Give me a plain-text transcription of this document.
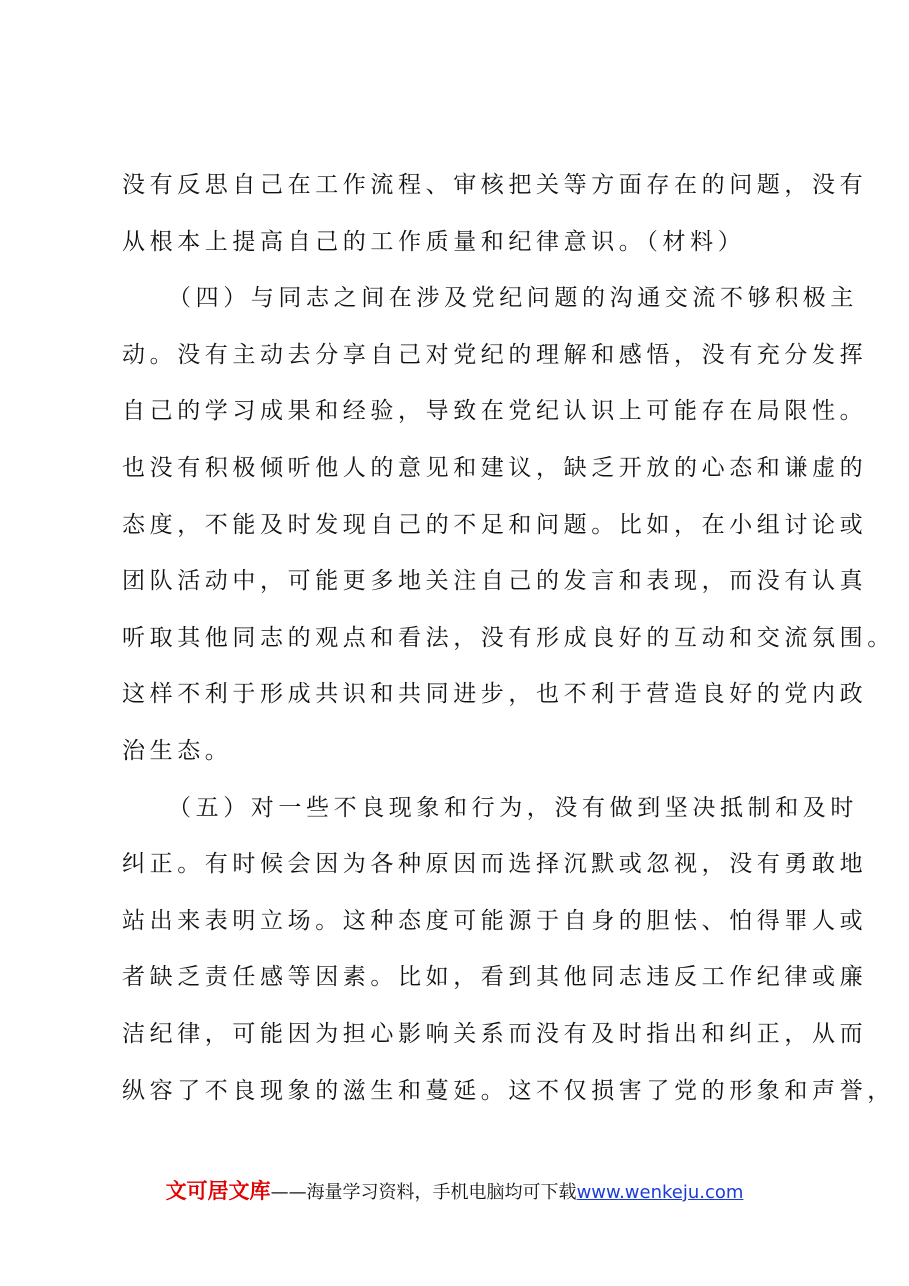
没有反思自己在工作流程、审核把关等方面存在的问题，没有
从根本上提高自己的工作质量和纪律意识。（材料）
（四）与同志之间在涉及党纪问题的沟通交流不够积极主
动。没有主动去分享自己对党纪的理解和感悟，没有充分发挥
自己的学习成果和经验，导致在党纪认识上可能存在局限性。
也没有积极倾听他人的意见和建议，缺乏开放的心态和谦虚的
态度，不能及时发现自己的不足和问题。比如，在小组讨论或
团队活动中，可能更多地关注自己的发言和表现，而没有认真
听取其他同志的观点和看法，没有形成良好的互动和交流氛围。
这样不利于形成共识和共同进步，也不利于营造良好的党内政
治生态。
（五）对一些不良现象和行为，没有做到坚决抵制和及时
纠正。有时候会因为各种原因而选择沉默或忽视，没有勇敢地
站出来表明立场。这种态度可能源于自身的胆怯、怕得罪人或
者缺乏责任感等因素。比如，看到其他同志违反工作纪律或廉
洁纪律，可能因为担心影响关系而没有及时指出和纠正，从而
纵容了不良现象的滋生和蔓延。这不仅损害了党的形象和声誉，
文可居文库——海量学习资料，手机电脑均可下载www.wenkeju.com
